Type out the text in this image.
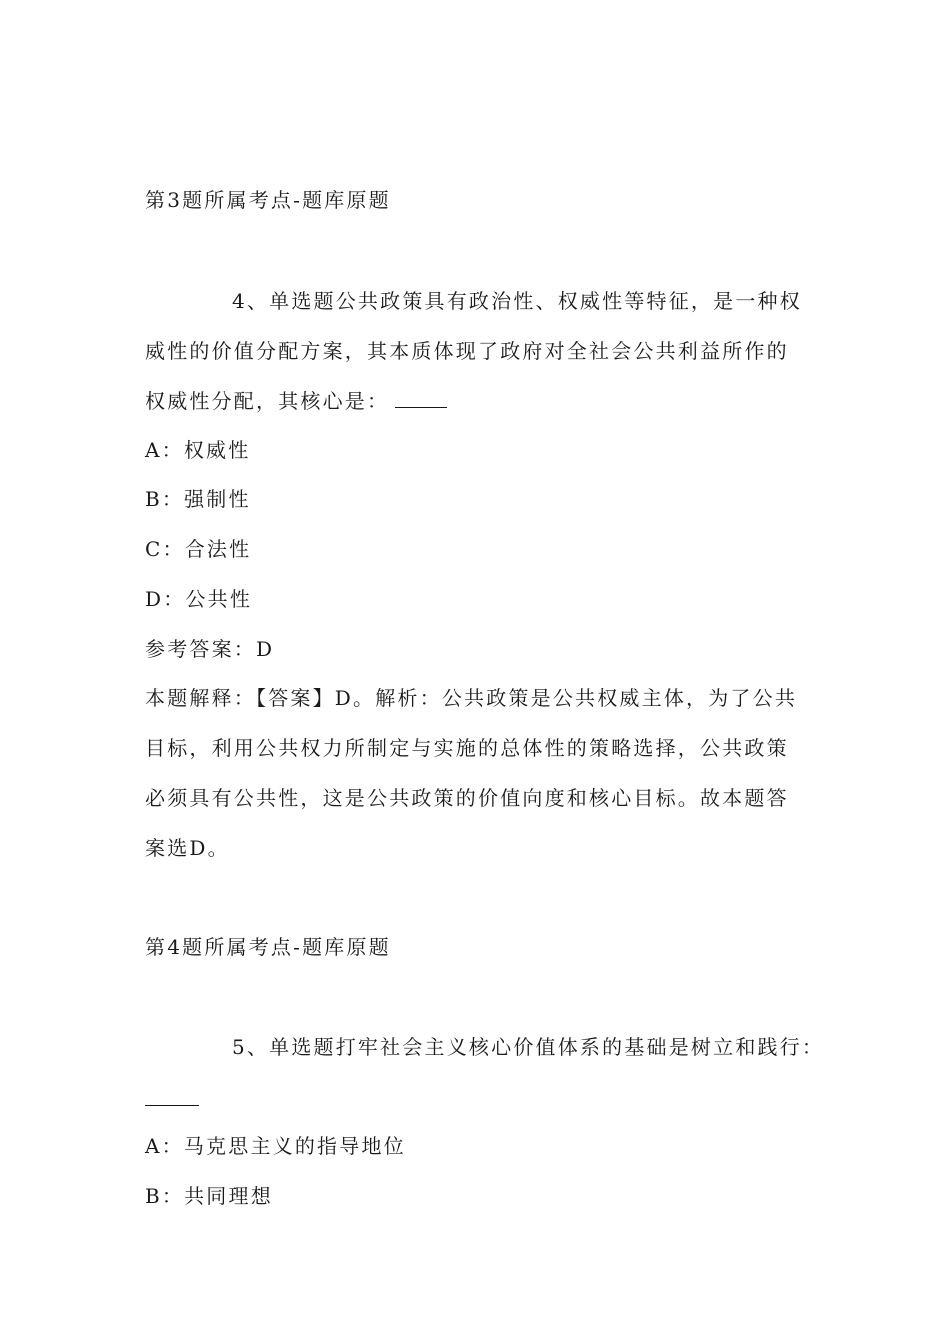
第3题所属考点-题库原题
4、单选题公共政策具有政治性、权威性等特征，是一种权
威性的价值分配方案，其本质体现了政府对全社会公共利益所作的
权威性分配，其核心是：
A：权威性
B：强制性
C：合法性
D：公共性
参考答案：D
本题解释：【答案】D。解析：公共政策是公共权威主体，为了公共
目标，利用公共权力所制定与实施的总体性的策略选择，公共政策
必须具有公共性，这是公共政策的价值向度和核心目标。故本题答
案选D。
第4题所属考点-题库原题
5、单选题打牢社会主义核心价值体系的基础是树立和践行：
A：马克思主义的指导地位
B：共同理想
